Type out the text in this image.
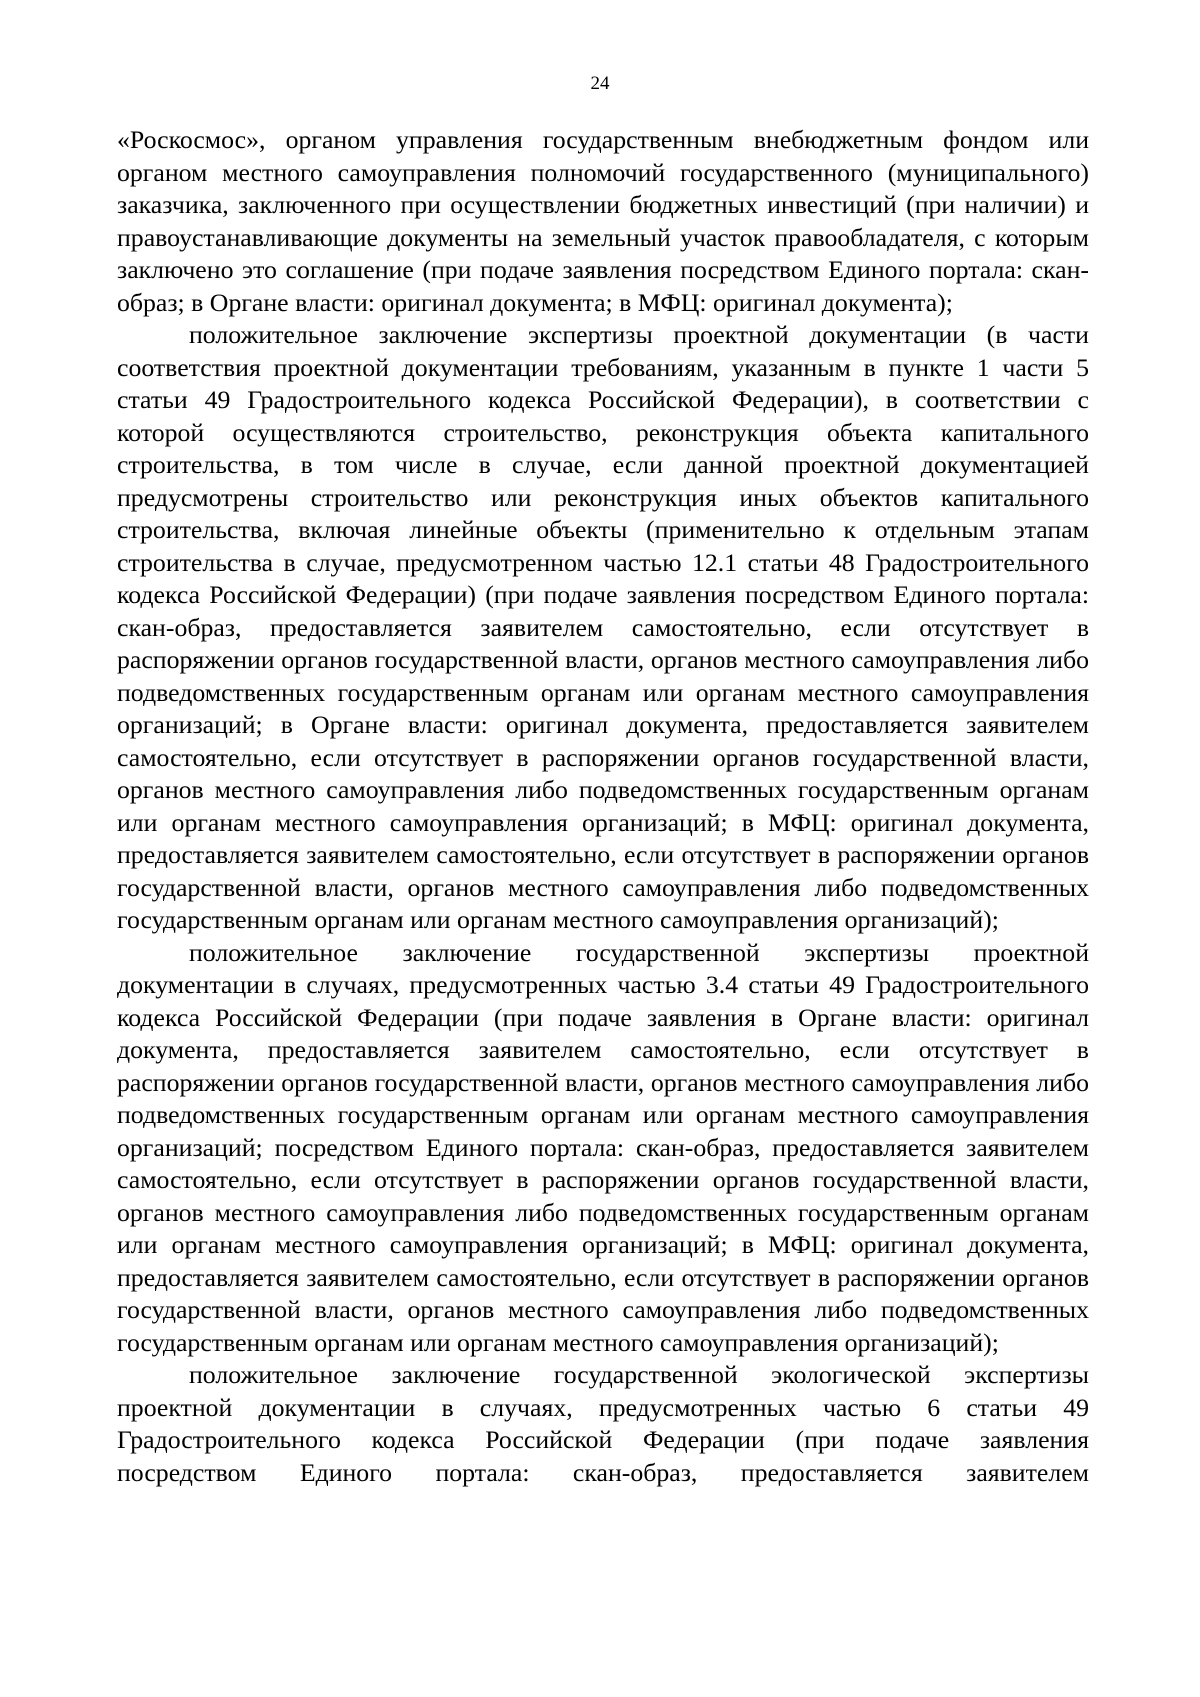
24

«Роскосмос», органом управления государственным внебюджетным фондом или органом местного самоуправления полномочий государственного (муниципального) заказчика, заключенного при осуществлении бюджетных инвестиций (при наличии) и правоустанавливающие документы на земельный участок правообладателя, с которым заключено это соглашение (при подаче заявления посредством Единого портала: скан-образ; в Органе власти: оригинал документа; в МФЦ: оригинал документа);

положительное заключение экспертизы проектной документации (в части соответствия проектной документации требованиям, указанным в пункте 1 части 5 статьи 49 Градостроительного кодекса Российской Федерации), в соответствии с которой осуществляются строительство, реконструкция объекта капитального строительства, в том числе в случае, если данной проектной документацией предусмотрены строительство или реконструкция иных объектов капитального строительства, включая линейные объекты (применительно к отдельным этапам строительства в случае, предусмотренном частью 12.1 статьи 48 Градостроительного кодекса Российской Федерации) (при подаче заявления посредством Единого портала: скан-образ, предоставляется заявителем самостоятельно, если отсутствует в распоряжении органов государственной власти, органов местного самоуправления либо подведомственных государственным органам или органам местного самоуправления организаций; в Органе власти: оригинал документа, предоставляется заявителем самостоятельно, если отсутствует в распоряжении органов государственной власти, органов местного самоуправления либо подведомственных государственным органам или органам местного самоуправления организаций; в МФЦ: оригинал документа, предоставляется заявителем самостоятельно, если отсутствует в распоряжении органов государственной власти, органов местного самоуправления либо подведомственных государственным органам или органам местного самоуправления организаций);

положительное заключение государственной экспертизы проектной документации в случаях, предусмотренных частью 3.4 статьи 49 Градостроительного кодекса Российской Федерации (при подаче заявления в Органе власти: оригинал документа, предоставляется заявителем самостоятельно, если отсутствует в распоряжении органов государственной власти, органов местного самоуправления либо подведомственных государственным органам или органам местного самоуправления организаций; посредством Единого портала: скан-образ, предоставляется заявителем самостоятельно, если отсутствует в распоряжении органов государственной власти, органов местного самоуправления либо подведомственных государственным органам или органам местного самоуправления организаций; в МФЦ: оригинал документа, предоставляется заявителем самостоятельно, если отсутствует в распоряжении органов государственной власти, органов местного самоуправления либо подведомственных государственным органам или органам местного самоуправления организаций);

положительное заключение государственной экологической экспертизы проектной документации в случаях, предусмотренных частью 6 статьи 49 Градостроительного кодекса Российской Федерации (при подаче заявления посредством Единого портала: скан-образ, предоставляется заявителем
